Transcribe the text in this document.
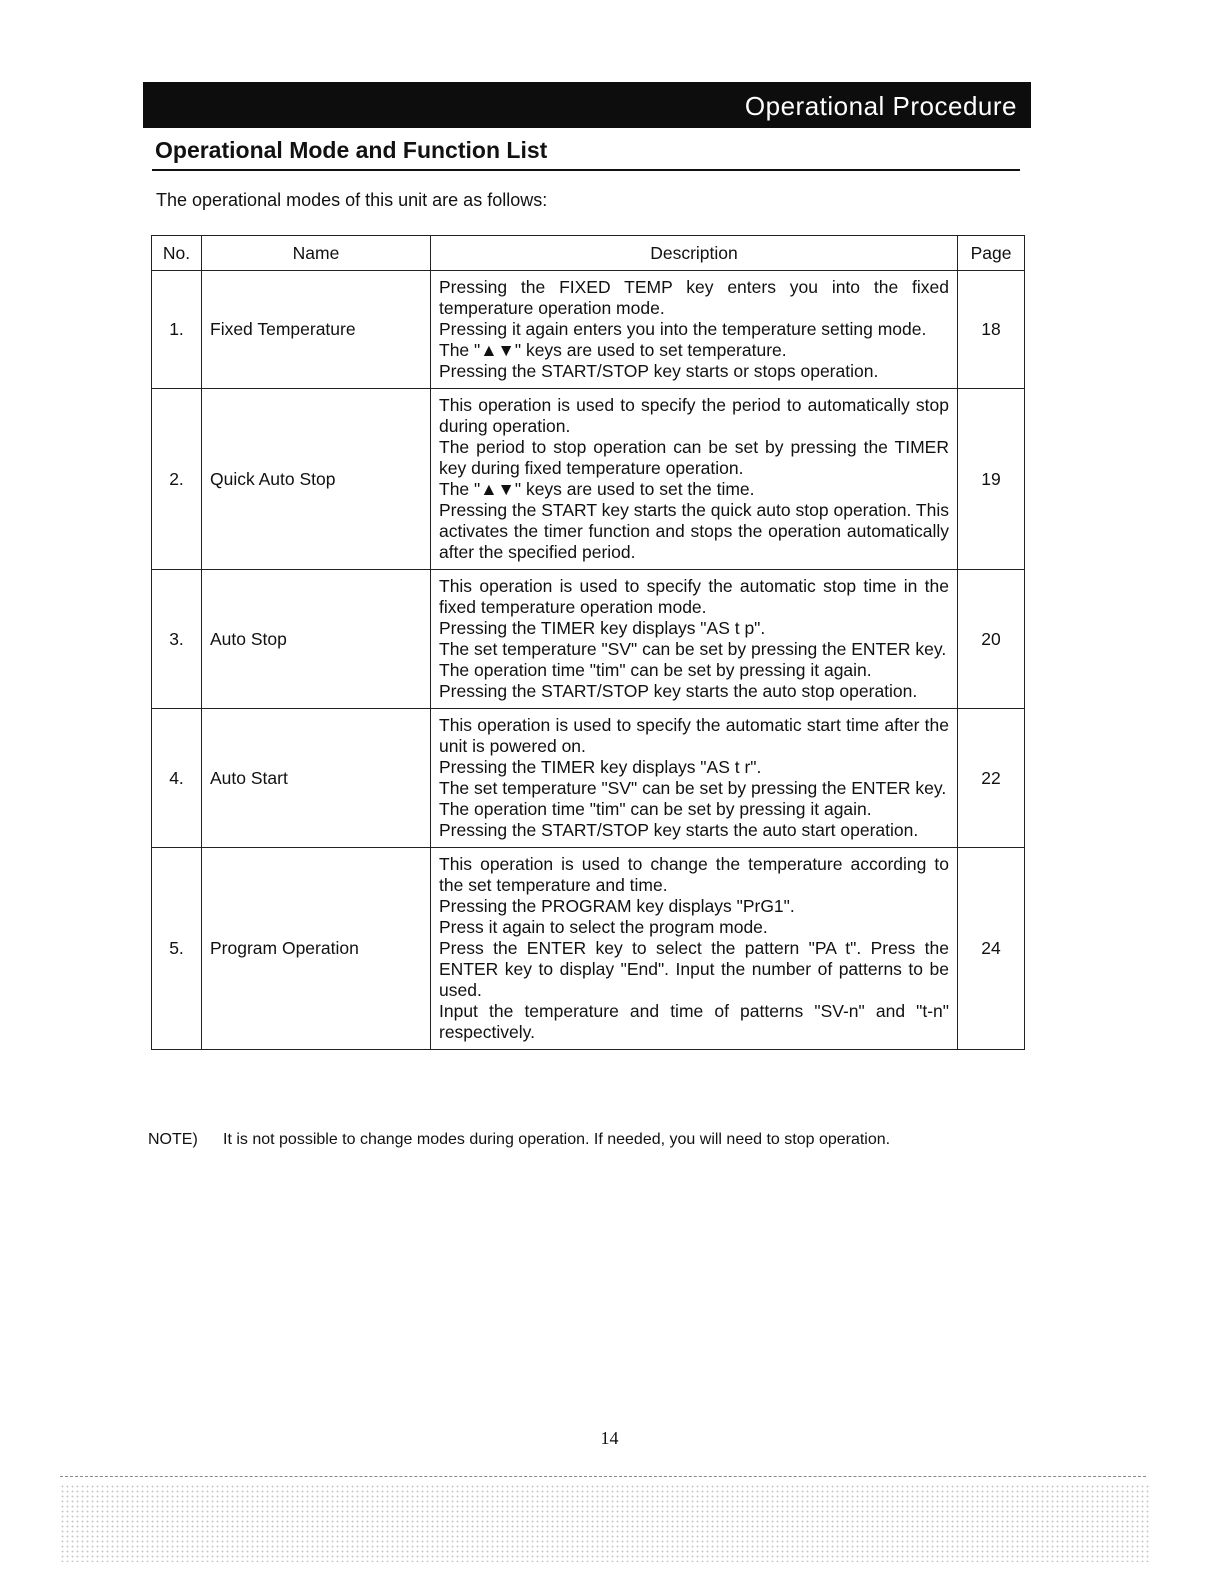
Operational Procedure
Operational Mode and Function List
The operational modes of this unit are as follows:
No.	Name	Description	Page
1.	Fixed Temperature	Pressing the FIXED TEMP key enters you into the fixed temperature operation mode.
Pressing it again enters you into the temperature setting mode.
The "▲▼" keys are used to set temperature.
Pressing the START/STOP key starts or stops operation.	18
2.	Quick Auto Stop	This operation is used to specify the period to automatically stop during operation.
The period to stop operation can be set by pressing the TIMER key during fixed temperature operation.
The "▲▼" keys are used to set the time.
Pressing the START key starts the quick auto stop operation. This activates the timer function and stops the operation automatically after the specified period.	19
3.	Auto Stop	This operation is used to specify the automatic stop time in the fixed temperature operation mode.
Pressing the TIMER key displays "AS t p".
The set temperature "SV" can be set by pressing the ENTER key.
The operation time "tim" can be set by pressing it again.
Pressing the START/STOP key starts the auto stop operation.	20
4.	Auto Start	This operation is used to specify the automatic start time after the unit is powered on.
Pressing the TIMER key displays "AS t r".
The set temperature "SV" can be set by pressing the ENTER key.
The operation time "tim" can be set by pressing it again.
Pressing the START/STOP key starts the auto start operation.	22
5.	Program Operation	This operation is used to change the temperature according to the set temperature and time.
Pressing the PROGRAM key displays "PrG1".
Press it again to select the program mode.
Press the ENTER key to select the pattern "PA t". Press the ENTER key to display "End". Input the number of patterns to be used.
Input the temperature and time of patterns "SV-n" and "t-n" respectively.	24
NOTE) It is not possible to change modes during operation. If needed, you will need to stop operation.
14
